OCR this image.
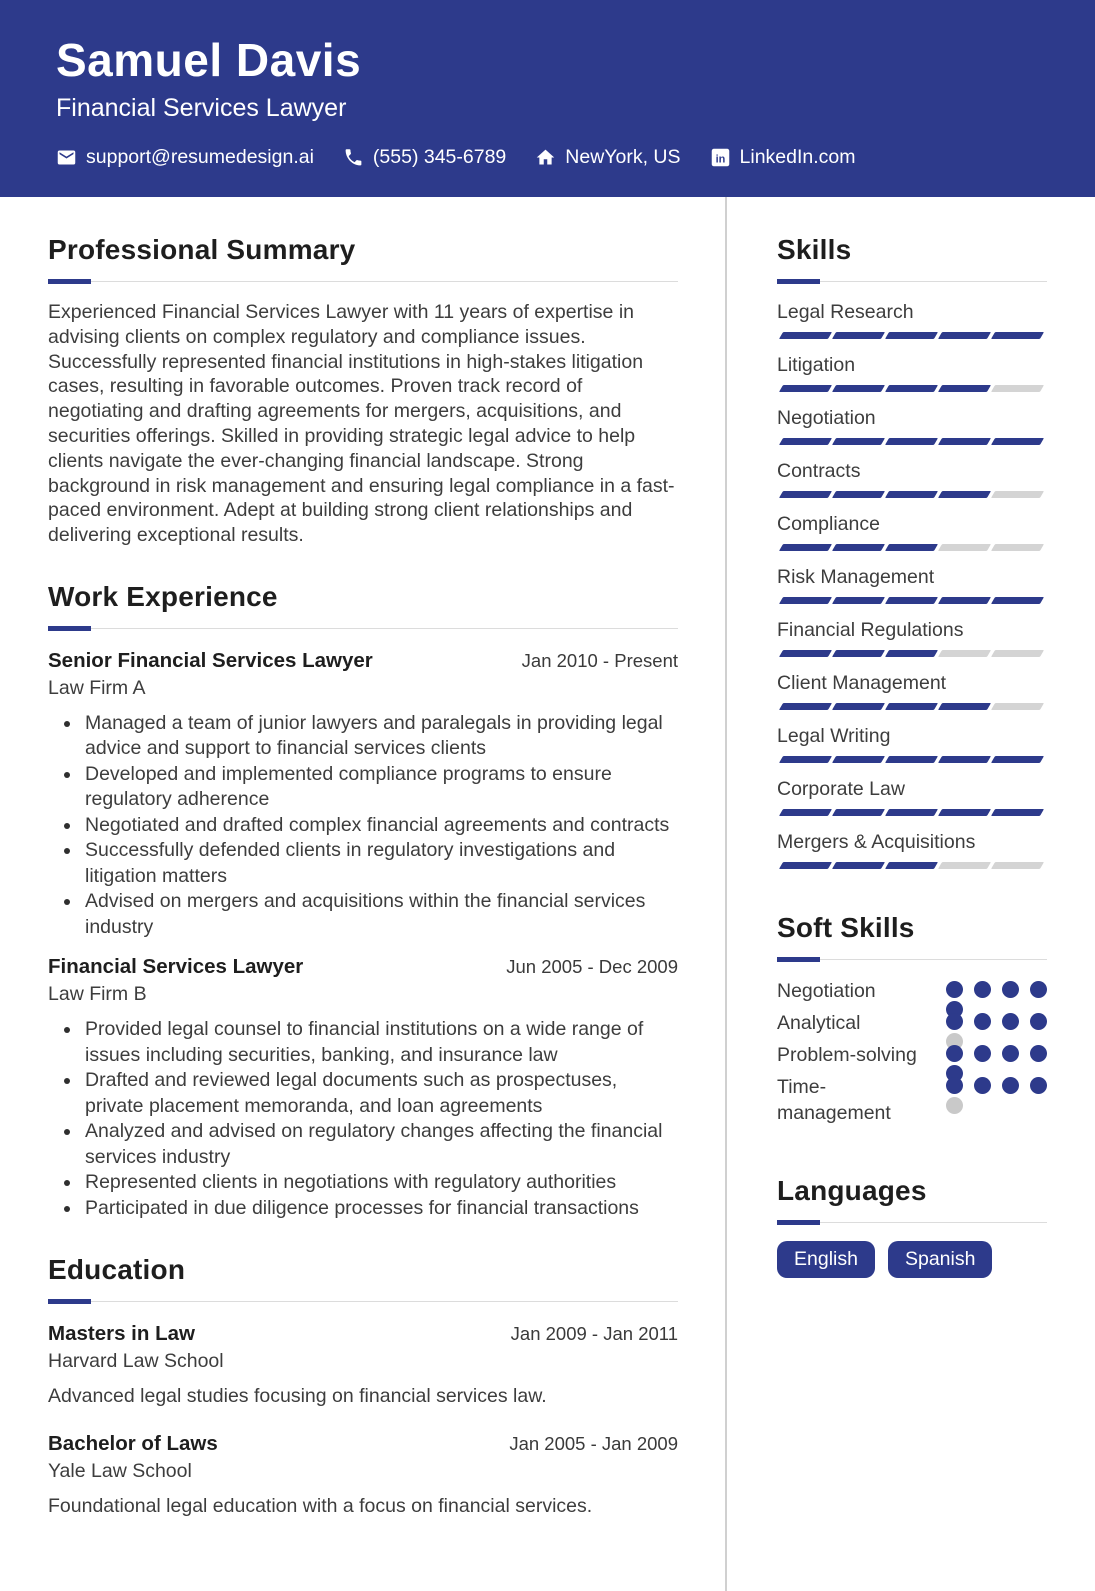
Samuel Davis
Financial Services Lawyer
support@resumedesign.ai	(555) 345-6789	NewYork, US	in LinkedIn.com
Professional Summary

Experienced Financial Services Lawyer with 11 years of expertise in advising clients on complex regulatory and compliance issues. Successfully represented financial institutions in high-stakes litigation cases, resulting in favorable outcomes. Proven track record of negotiating and drafting agreements for mergers, acquisitions, and securities offerings. Skilled in providing strategic legal advice to help clients navigate the ever-changing financial landscape. Strong background in risk management and ensuring legal compliance in a fast-paced environment. Adept at building strong client relationships and delivering exceptional results.

Work Experience
Senior Financial Services Lawyer	Jan 2010 - Present
Law Firm A
Managed a team of junior lawyers and paralegals in providing legal advice and support to financial services clients
Developed and implemented compliance programs to ensure regulatory adherence
Negotiated and drafted complex financial agreements and contracts
Successfully defended clients in regulatory investigations and litigation matters
Advised on mergers and acquisitions within the financial services industry
Financial Services Lawyer	Jun 2005 - Dec 2009
Law Firm B
Provided legal counsel to financial institutions on a wide range of issues including securities, banking, and insurance law
Drafted and reviewed legal documents such as prospectuses, private placement memoranda, and loan agreements
Analyzed and advised on regulatory changes affecting the financial services industry
Represented clients in negotiations with regulatory authorities
Participated in due diligence processes for financial transactions
Education
Masters in Law	Jan 2009 - Jan 2011
Harvard Law School
Advanced legal studies focusing on financial services law.
Bachelor of Laws	Jan 2005 - Jan 2009
Yale Law School
Foundational legal education with a focus on financial services.
Skills
Legal Research
Litigation
Negotiation
Contracts
Compliance
Risk Management
Financial Regulations
Client Management
Legal Writing
Corporate Law
Mergers & Acquisitions
Soft Skills
Negotiation
Analytical
Problem-solving
Time-management
Languages
English	Spanish
